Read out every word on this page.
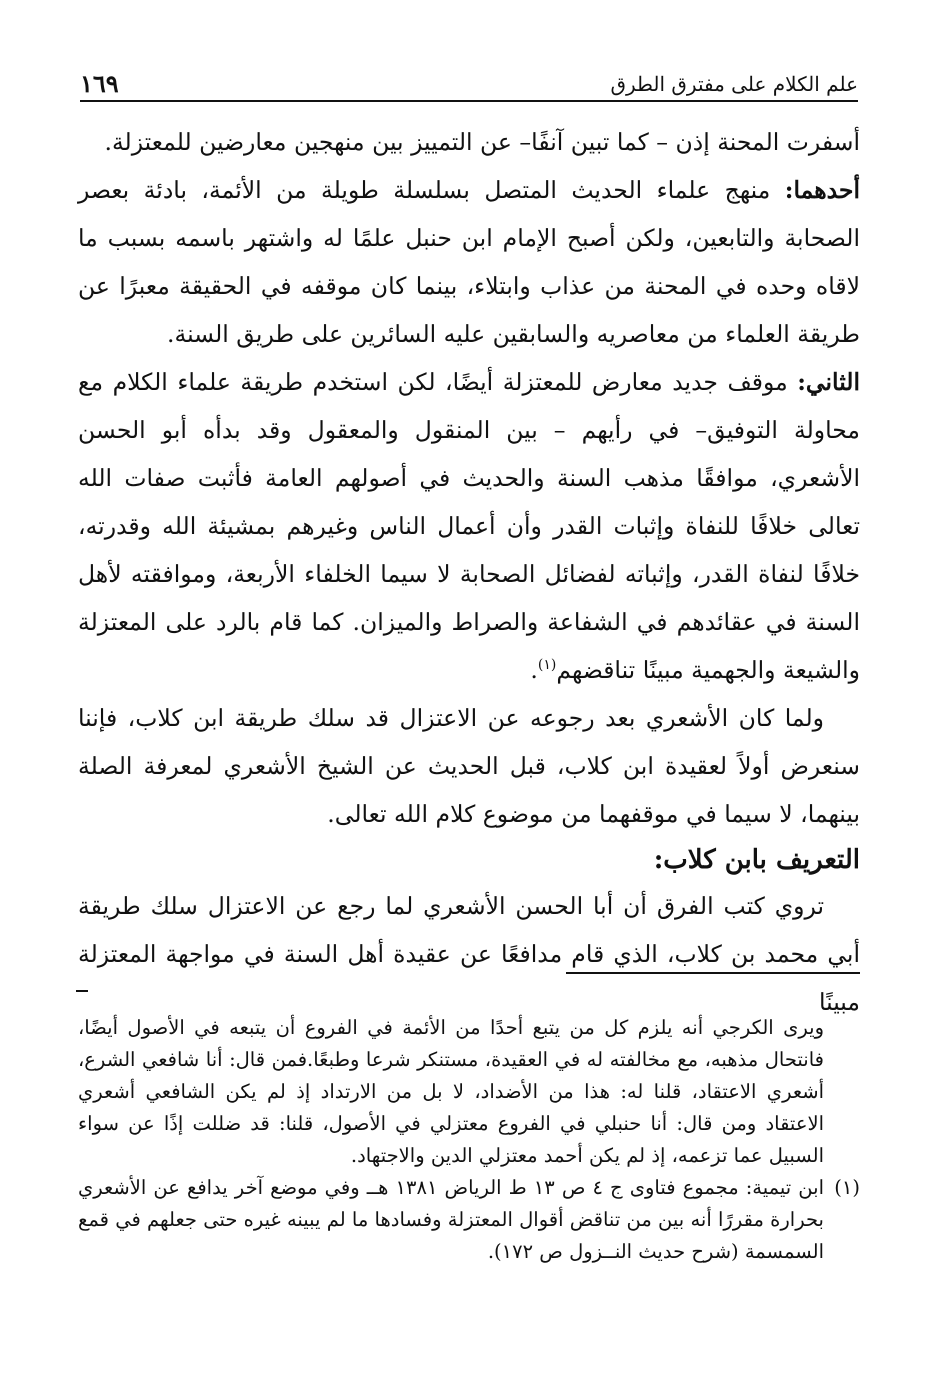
علم الكلام على مفترق الطرق
١٦٩

أسفرت المحنة إذن – كما تبين آنفًا– عن التمييز بين منهجين معارضين للمعتزلة.

أحدهما: منهج علماء الحديث المتصل بسلسلة طويلة من الأئمة، بادئة بعصر الصحابة والتابعين، ولكن أصبح الإمام ابن حنبل علمًا له واشتهر باسمه بسبب ما لاقاه وحده في المحنة من عذاب وابتلاء، بينما كان موقفه في الحقيقة معبرًا عن طريقة العلماء من معاصريه والسابقين عليه السائرين على طريق السنة.

الثاني: موقف جديد معارض للمعتزلة أيضًا، لكن استخدم طريقة علماء الكلام مع محاولة التوفيق– في رأيهم – بين المنقول والمعقول وقد بدأه أبو الحسن الأشعري، موافقًا مذهب السنة والحديث في أصولهم العامة فأثبت صفات الله تعالى خلافًا للنفاة وإثبات القدر وأن أعمال الناس وغيرهم بمشيئة الله وقدرته، خلافًا لنفاة القدر، وإثباته لفضائل الصحابة لا سيما الخلفاء الأربعة، وموافقته لأهل السنة في عقائدهم في الشفاعة والصراط والميزان. كما قام بالرد على المعتزلة والشيعة والجهمية مبينًا تناقضهم$^{(١)}$.

ولما كان الأشعري بعد رجوعه عن الاعتزال قد سلك طريقة ابن كلاب، فإننا سنعرض أولاً لعقيدة ابن كلاب، قبل الحديث عن الشيخ الأشعري لمعرفة الصلة بينهما، لا سيما في موقفهما من موضوع كلام الله تعالى.

التعريف بابن كلاب:

تروي كتب الفرق أن أبا الحسن الأشعري لما رجع عن الاعتزال سلك طريقة أبي محمد بن كلاب، الذي قام مدافعًا عن عقيدة أهل السنة في مواجهة المعتزلة مبينًا

ويرى الكرجي أنه يلزم كل من يتبع أحدًا من الأئمة في الفروع أن يتبعه في الأصول أيضًا، فانتحال مذهبه، مع مخالفته له في العقيدة، مستنكر شرعا وطبعًا.فمن قال: أنا شافعي الشرع، أشعري الاعتقاد، قلنا له: هذا من الأضداد، لا بل من الارتداد إذ لم يكن الشافعي أشعري الاعتقاد ومن قال: أنا حنبلي في الفروع معتزلي في الأصول، قلنا: قد ضللت إذًا عن سواء السبيل عما تزعمه، إذ لم يكن أحمد معتزلي الدين والاجتهاد.

(١)
ابن تيمية: مجموع فتاوى ج ٤ ص ١٣ ط الرياض ١٣٨١ هــ وفي موضع آخر يدافع عن الأشعري بحرارة مقررًا أنه بين من تناقض أقوال المعتزلة وفسادها ما لم يبينه غيره حتى جعلهم في قمع السمسمة (شرح حديث النــزول ص ١٧٢).
